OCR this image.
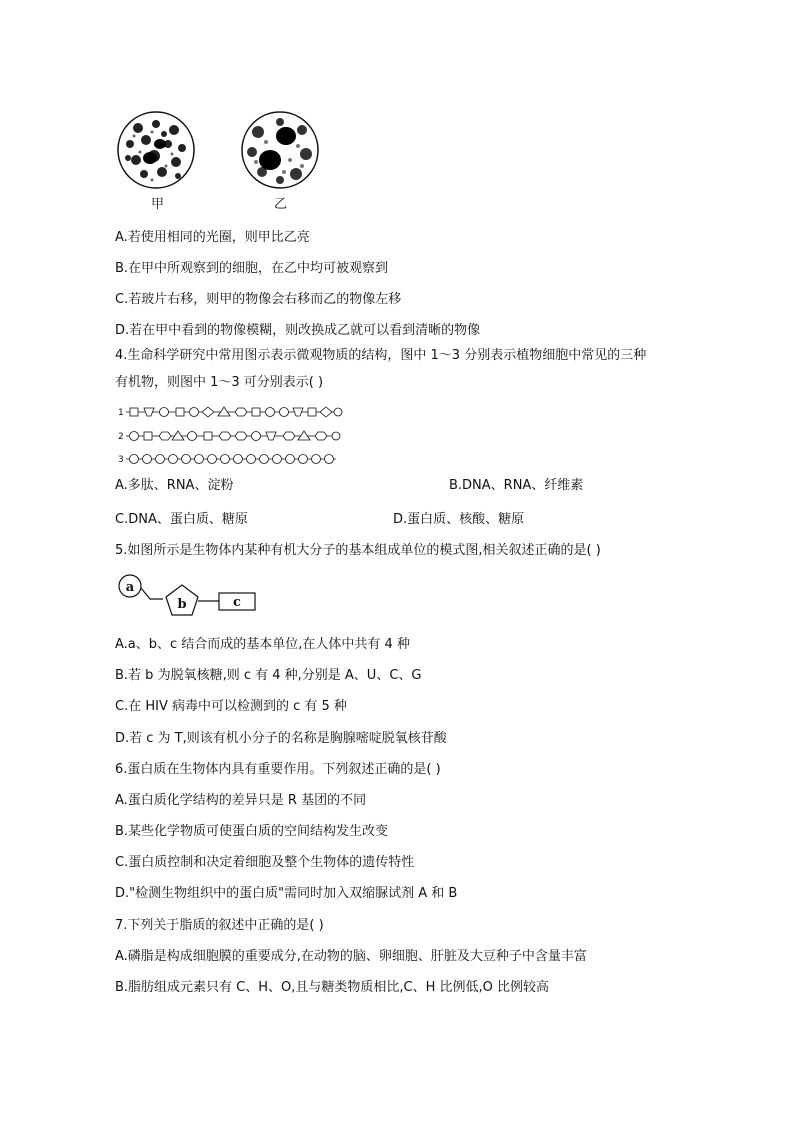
甲	乙
A.若使用相同的光圈，则甲比乙亮
B.在甲中所观察到的细胞，在乙中均可被观察到
C.若玻片右移，则甲的物像会右移而乙的物像左移
D.若在甲中看到的物像模糊，则改换成乙就可以看到清晰的物像
4.生命科学研究中常用图示表示微观物质的结构，图中 1～3 分别表示植物细胞中常见的三种
有机物，则图中 1～3 可分别表示( )
1
2
3
A.多肽、RNA、淀粉	B.DNA、RNA、纤维素
C.DNA、蛋白质、糖原	D.蛋白质、核酸、糖原
5.如图所示是生物体内某种有机大分子的基本组成单位的模式图,相关叙述正确的是( )
a
b	c
A.a、b、c 结合而成的基本单位,在人体中共有 4 种
B.若 b 为脱氧核糖,则 c 有 4 种,分别是 A、U、C、G
C.在 HIV 病毒中可以检测到的 c 有 5 种
D.若 c 为 T,则该有机小分子的名称是胸腺嘧啶脱氧核苷酸
6.蛋白质在生物体内具有重要作用。下列叙述正确的是( )
A.蛋白质化学结构的差异只是 R 基团的不同
B.某些化学物质可使蛋白质的空间结构发生改变
C.蛋白质控制和决定着细胞及整个生物体的遗传特性
D."检测生物组织中的蛋白质"需同时加入双缩脲试剂 A 和 B
7.下列关于脂质的叙述中正确的是( )
A.磷脂是构成细胞膜的重要成分,在动物的脑、卵细胞、肝脏及大豆种子中含量丰富
B.脂肪组成元素只有 C、H、O,且与糖类物质相比,C、H 比例低,O 比例较高
